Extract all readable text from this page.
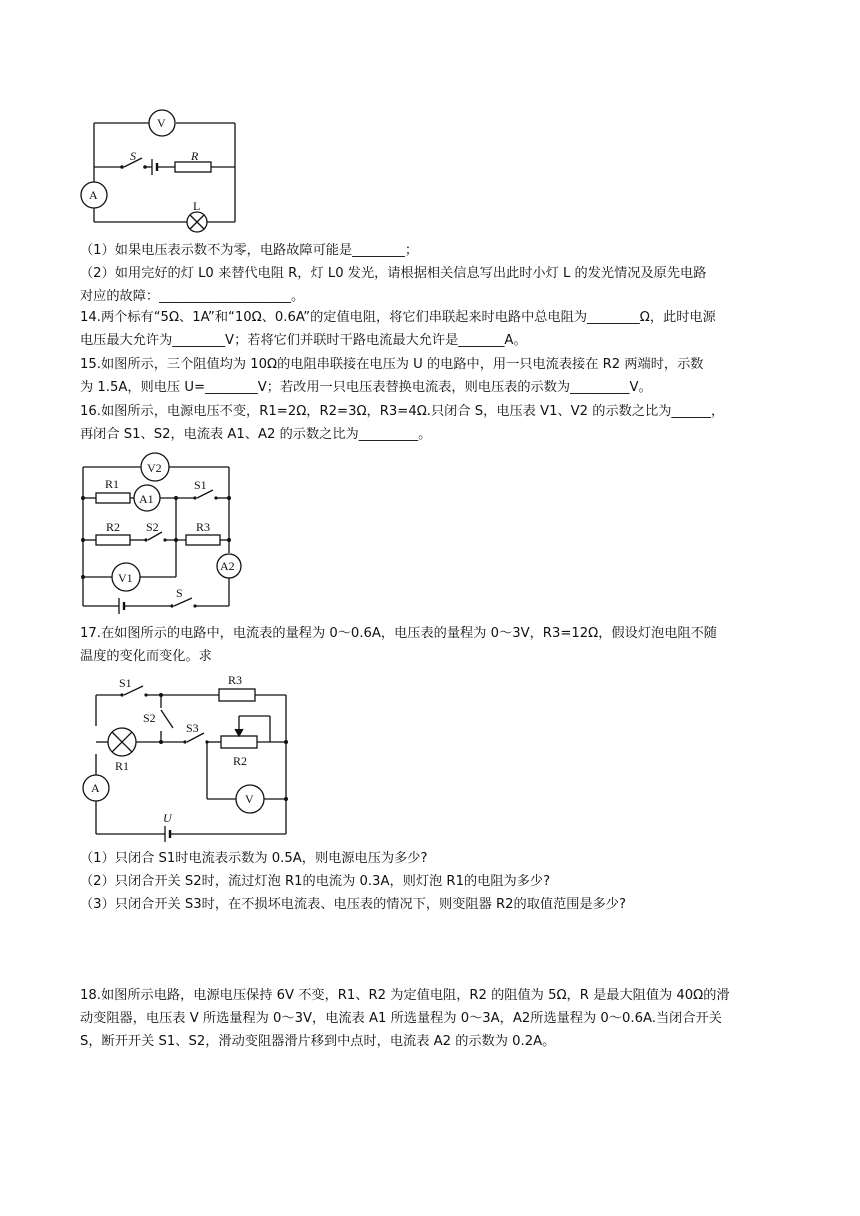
V
A
S	R
L
（1）如果电压表示数不为零，电路故障可能是________；
（2）如用完好的灯 L0 来替代电阻 R，灯 L0 发光，请根据相关信息写出此时小灯 L 的发光情况及原先电路
对应的故障：____________________。
14.两个标有“5Ω、1A”和“10Ω、0.6A”的定值电阻，将它们串联起来时电路中总电阻为________Ω，此时电源
电压最大允许为________V；若将它们并联时干路电流最大允许是_______A。
15.如图所示，三个阻值均为 10Ω的电阻串联接在电压为 U 的电路中，用一只电流表接在 R2 两端时，示数
为 1.5A，则电压 U=________V；若改用一只电压表替换电流表，则电压表的示数为_________V。
16.如图所示，电源电压不变，R1=2Ω，R2=3Ω，R3=4Ω.只闭合 S，电压表 V1、V2 的示数之比为______，
再闭合 S1、S2，电流表 A1、A2 的示数之比为_________。
V2
R1
A1
S1
R2 S2	R3
A2
V1
S
17.在如图所示的电路中，电流表的量程为 0～0.6A，电压表的量程为 0～3V，R3=12Ω，假设灯泡电阻不随
温度的变化而变化。求
S1	R3
S2
S3
R1	R2
A
V
U
（1）只闭合 S1时电流表示数为 0.5A，则电源电压为多少?
（2）只闭合开关 S2时，流过灯泡 R1的电流为 0.3A，则灯泡 R1的电阻为多少?
（3）只闭合开关 S3时，在不损坏电流表、电压表的情况下，则变阻器 R2的取值范围是多少?
18.如图所示电路，电源电压保持 6V 不变，R1、R2 为定值电阻，R2 的阻值为 5Ω，R 是最大阻值为 40Ω的滑
动变阻器，电压表 V 所选量程为 0～3V，电流表 A1 所选量程为 0～3A，A2所选量程为 0～0.6A.当闭合开关
S，断开开关 S1、S2，滑动变阻器滑片移到中点时，电流表 A2 的示数为 0.2A。
